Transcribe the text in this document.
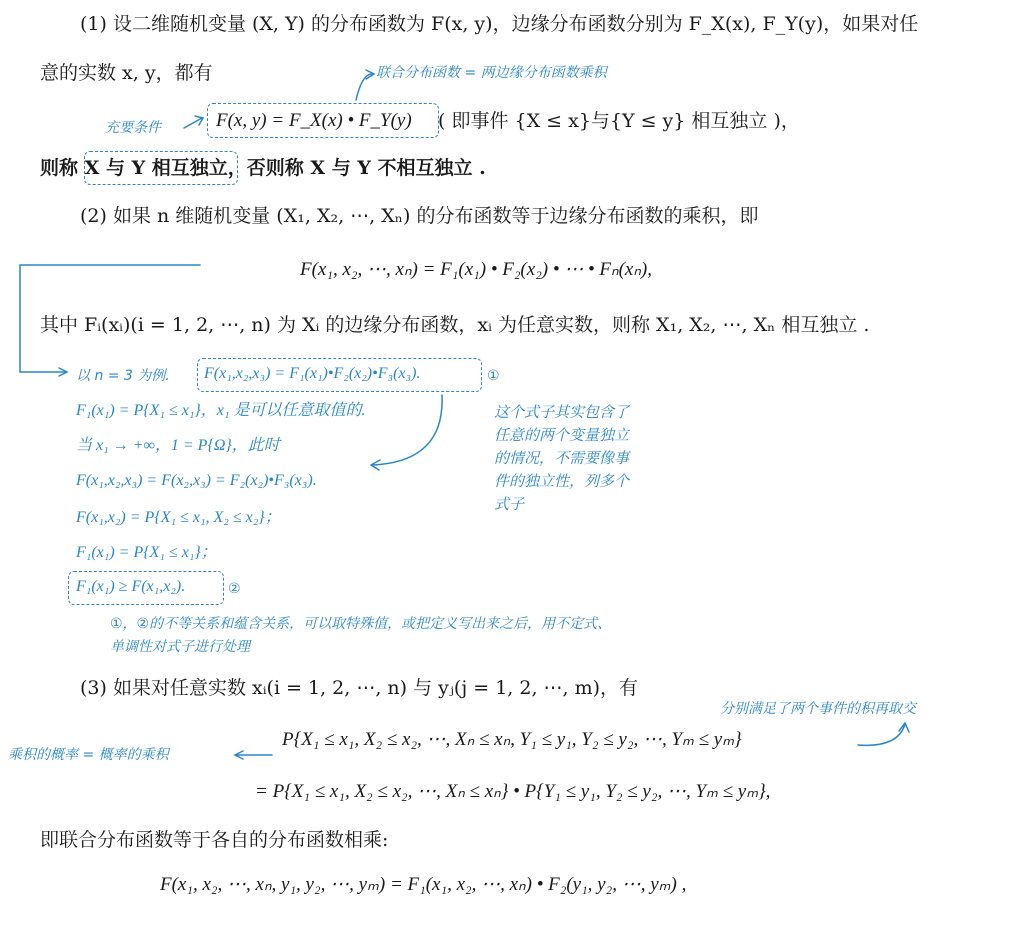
(1) 设二维随机变量 (X, Y) 的分布函数为 F(x, y)，边缘分布函数分别为 F_X(x), F_Y(y)，如果对任
意的实数 x, y，都有	联合分布函数 = 两边缘分布函数乘积
充要条件	F(x, y) = F_X(x) • F_Y(y) ( 即事件 {X ≤ x}与{Y ≤ y} 相互独立 )，
则称 X 与 Y 相互独立，否则称 X 与 Y 不相互独立 .
(2) 如果 n 维随机变量 (X₁, X₂, ⋯, Xₙ) 的分布函数等于边缘分布函数的乘积，即
F(x₁, x₂, ⋯, xₙ) = F₁(x₁) • F₂(x₂) • ⋯ • Fₙ(xₙ),
其中 Fᵢ(xᵢ)(i = 1, 2, ⋯, n) 为 Xᵢ 的边缘分布函数，xᵢ 为任意实数，则称 X₁, X₂, ⋯, Xₙ 相互独立 .
以 n = 3 为例. F(x₁,x₂,x₃) = F₁(x₁)•F₂(x₂)•F₃(x₃).	①
F₁(x₁) = P{X₁ ≤ x₁}，x₁ 是可以任意取值的.
当 x₁ → +∞，1 = P{Ω}，此时
F(x₁,x₂,x₃) = F(x₂,x₃) = F₂(x₂)•F₃(x₃).
F(x₁,x₂) = P{X₁ ≤ x₁, X₂ ≤ x₂}；
F₁(x₁) = P{X₁ ≤ x₁}；
F₁(x₁) ≥ F(x₁,x₂).	②
这个式子其实包含了
任意的两个变量独立
的情况，不需要像事
件的独立性，列多个
式子
①，②的不等关系和蕴含关系，可以取特殊值，或把定义写出来之后，用不定式、
单调性对式子进行处理
(3) 如果对任意实数 xᵢ(i = 1, 2, ⋯, n) 与 yⱼ(j = 1, 2, ⋯, m)，有
分别满足了两个事件的积再取交
P{X₁ ≤ x₁, X₂ ≤ x₂, ⋯, Xₙ ≤ xₙ, Y₁ ≤ y₁, Y₂ ≤ y₂, ⋯, Yₘ ≤ yₘ}
乘积的概率 = 概率的乘积
= P{X₁ ≤ x₁, X₂ ≤ x₂, ⋯, Xₙ ≤ xₙ} • P{Y₁ ≤ y₁, Y₂ ≤ y₂, ⋯, Yₘ ≤ yₘ},
即联合分布函数等于各自的分布函数相乘:
F(x₁, x₂, ⋯, xₙ, y₁, y₂, ⋯, yₘ) = F₁(x₁, x₂, ⋯, xₙ) • F₂(y₁, y₂, ⋯, yₘ) ,
